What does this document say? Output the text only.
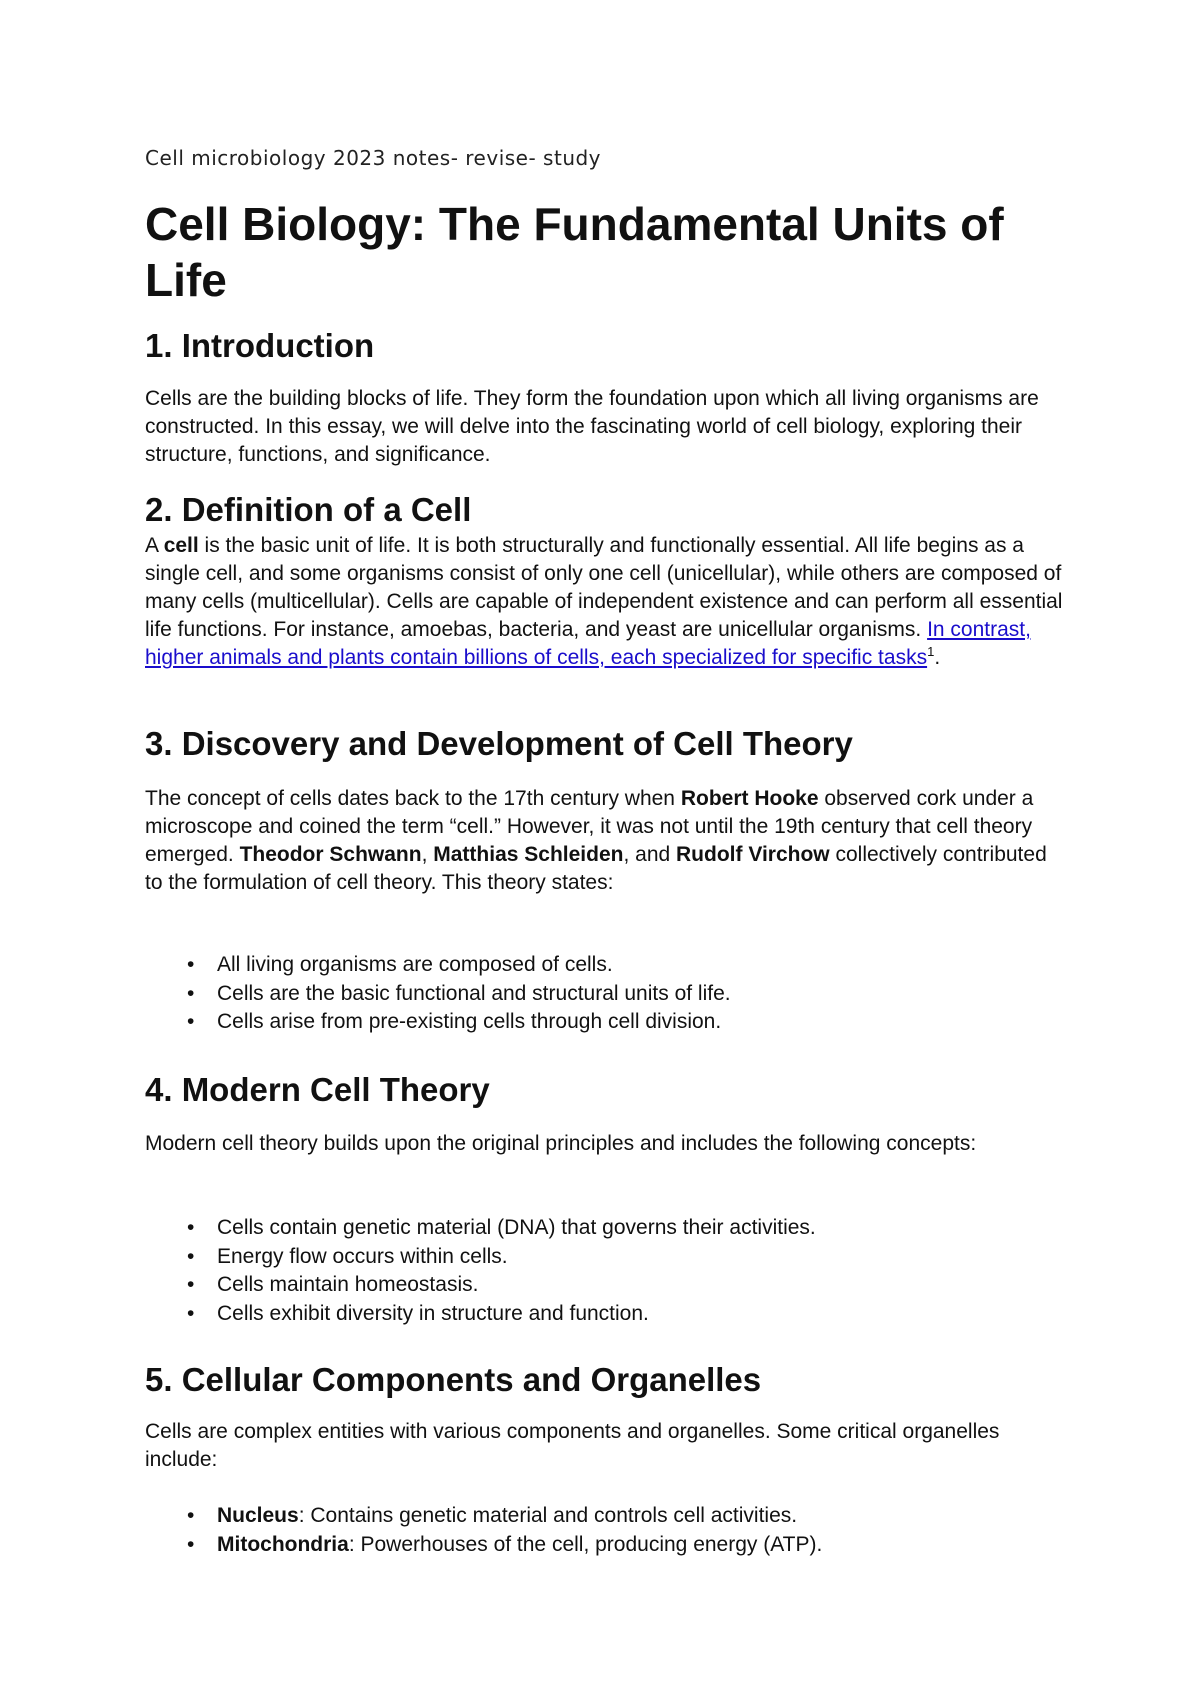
Cell microbiology 2023 notes- revise- study
Cell Biology: The Fundamental Units of Life
1. Introduction

Cells are the building blocks of life. They form the foundation upon which all living organisms are constructed. In this essay, we will delve into the fascinating world of cell biology, exploring their structure, functions, and significance.

2. Definition of a Cell

A cell is the basic unit of life. It is both structurally and functionally essential. All life begins as a single cell, and some organisms consist of only one cell (unicellular), while others are composed of many cells (multicellular). Cells are capable of independent existence and can perform all essential life functions. For instance, amoebas, bacteria, and yeast are unicellular organisms. In contrast, higher animals and plants contain billions of cells, each specialized for specific tasks$^1$.

3. Discovery and Development of Cell Theory

The concept of cells dates back to the 17th century when Robert Hooke observed cork under a microscope and coined the term “cell.” However, it was not until the 19th century that cell theory emerged. Theodor Schwann, Matthias Schleiden, and Rudolf Virchow collectively contributed to the formulation of cell theory. This theory states:

• All living organisms are composed of cells.
• Cells are the basic functional and structural units of life.
• Cells arise from pre-existing cells through cell division.
4. Modern Cell Theory

Modern cell theory builds upon the original principles and includes the following concepts:

• Cells contain genetic material (DNA) that governs their activities.
• Energy flow occurs within cells.
• Cells maintain homeostasis.
• Cells exhibit diversity in structure and function.
5. Cellular Components and Organelles

Cells are complex entities with various components and organelles. Some critical organelles include:

• Nucleus: Contains genetic material and controls cell activities.
• Mitochondria: Powerhouses of the cell, producing energy (ATP).
